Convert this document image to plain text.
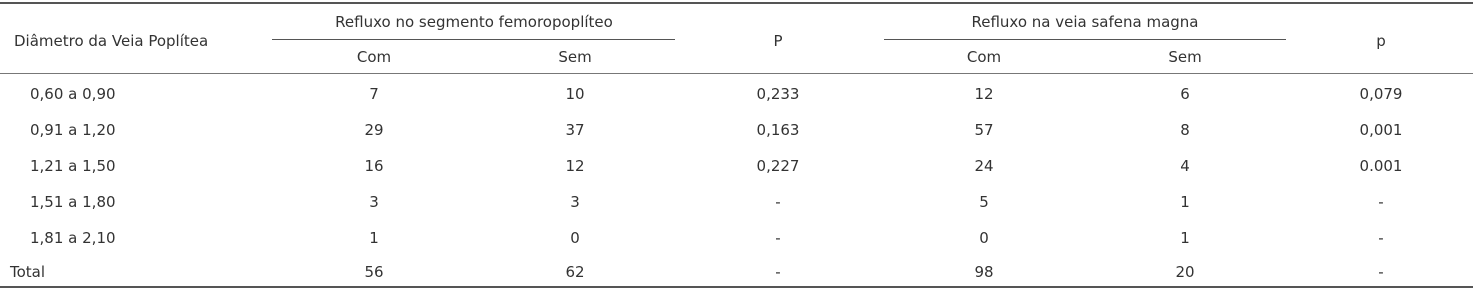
Diâmetro da Veia Poplítea
Refluxo no segmento femoropoplíteo
Com	Sem
P
Refluxo na veia safena magna
Com	Sem
p
0,60 a 0,90	7	10	0,233	12	6	0,079
0,91 a 1,20	29	37	0,163	57	8	0,001
1,21 a 1,50	16	12	0,227	24	4	0.001
1,51 a 1,80	3	3	-	5	1	-
1,81 a 2,10	1	0	-	0	1	-
Total	56	62	-	98	20	-
